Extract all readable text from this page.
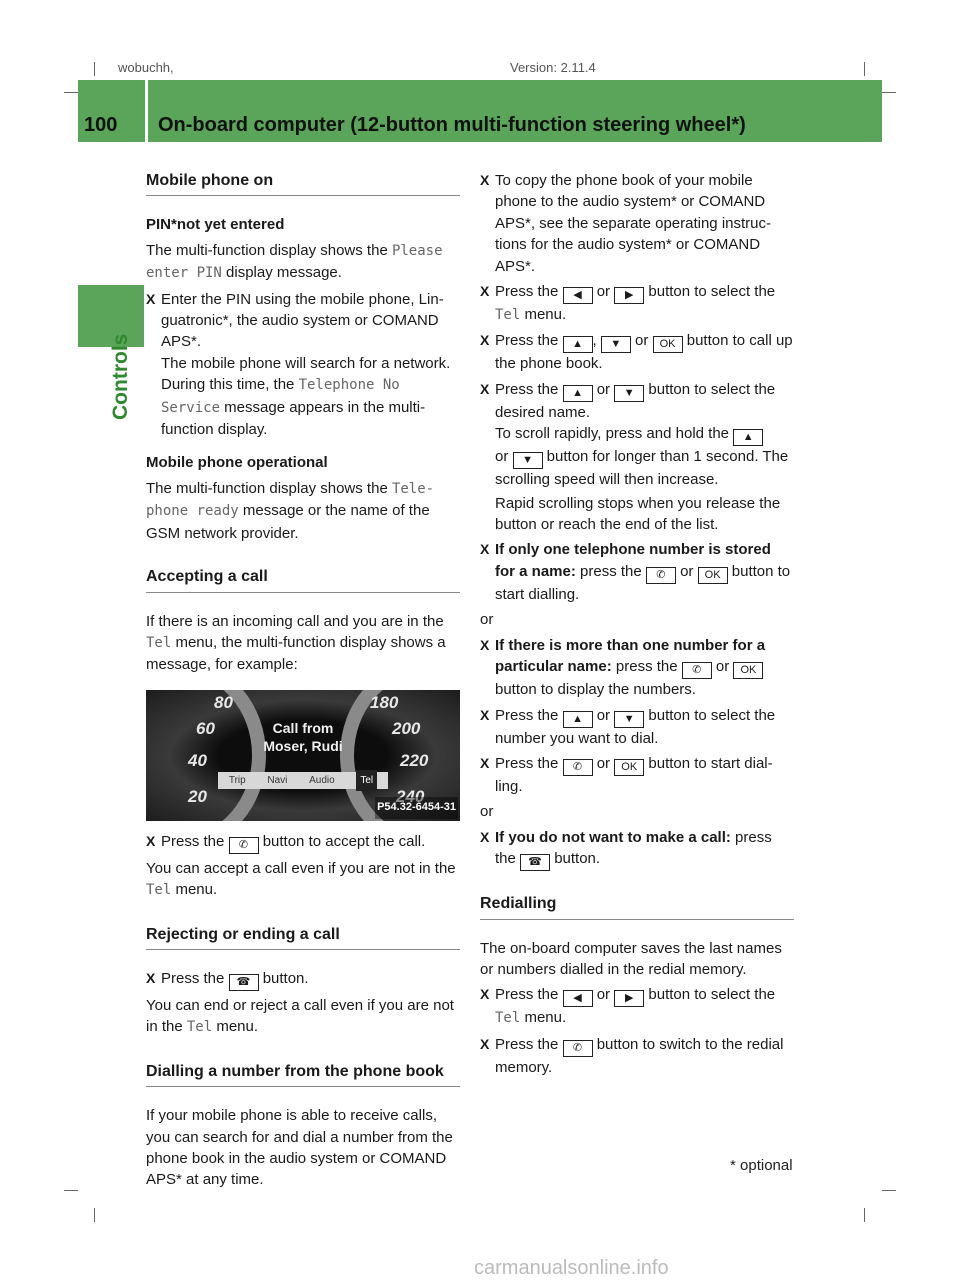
wobuchh,	Version: 2.11.4
100 On-board computer (12-button multi-function steering wheel*)
Controls
Mobile phone on
PIN*not yet entered
The multi-function display shows the Please enter PIN display message.
X Enter the PIN using the mobile phone, Linguatronic*, the audio system or COMAND APS*.
The mobile phone will search for a network. During this time, the Telephone No Service message appears in the multi-function display.
Mobile phone operational
The multi-function display shows the Telephone ready message or the name of the GSM network provider.
Accepting a call
If there is an incoming call and you are in the Tel menu, the multi-function display shows a message, for example:
80
60
40
20
180
200
220
240
Call from
Moser, Rudi
Trip Navi Audio	Tel
P54.32-6454-31
X Press the ✆ button to accept the call.
You can accept a call even if you are not in the Tel menu.
Rejecting or ending a call
X Press the ☎ button.
You can end or reject a call even if you are not in the Tel menu.
Dialling a number from the phone book
If your mobile phone is able to receive calls, you can search for and dial a number from the phone book in the audio system or COMAND APS* at any time.
X To copy the phone book of your mobile phone to the audio system* or COMAND APS*, see the separate operating instructions for the audio system* or COMAND APS*.
X Press the ◀ or ▶ button to select the Tel menu.
X Press the ▲ , ▼ or OK button to call up the phone book.
X Press the ▲ or ▼ button to select the desired name.
To scroll rapidly, press and hold the ▲
or ▼ button for longer than 1 second. The scrolling speed will then increase.
Rapid scrolling stops when you release the button or reach the end of the list.
X If only one telephone number is stored for a name: press the ✆ or OK button to start dialling.
or
X If there is more than one number for a particular name: press the ✆ or OK
button to display the numbers.
X Press the ▲ or ▼ button to select the number you want to dial.
X Press the ✆ or OK button to start dialling.
or
X If you do not want to make a call: press the ☎ button.
Redialling
The on-board computer saves the last names or numbers dialled in the redial memory.
X Press the ◀ or ▶ button to select the Tel menu.
X Press the ✆ button to switch to the redial memory.
* optional
carmanualsonline.info
